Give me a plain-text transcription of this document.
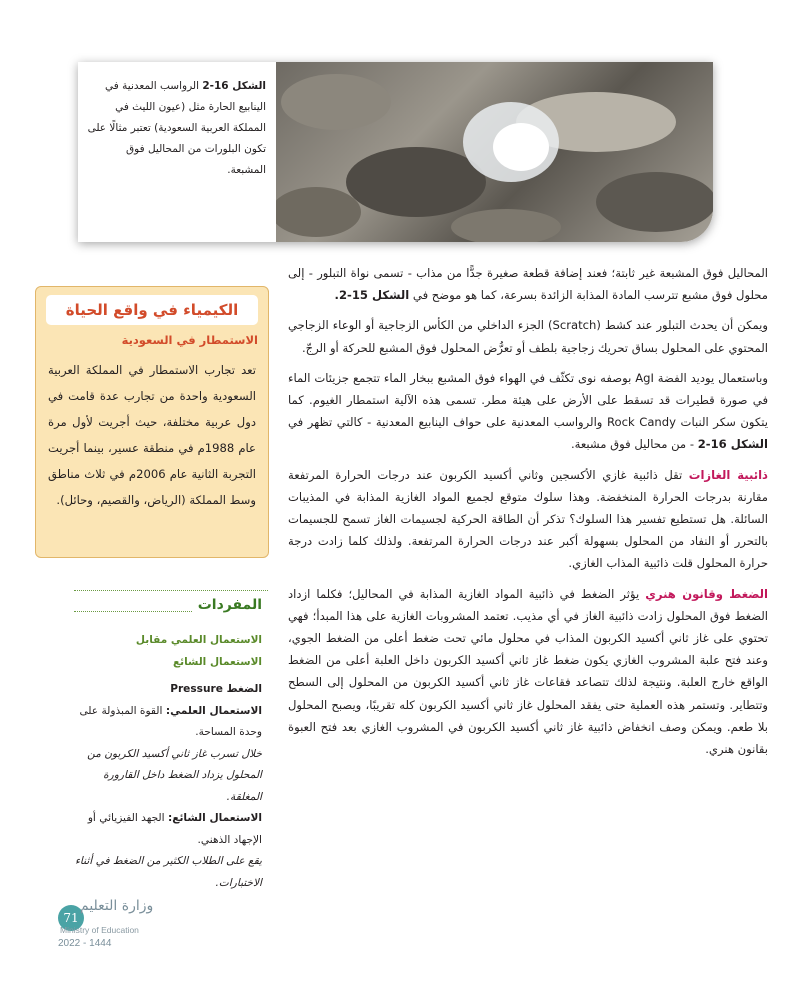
الشكل 16-2 الرواسب المعدنية في الينابيع الحارة مثل (عيون الليث في المملكة العربية السعودية) تعتبر مثالًا على تكون البلورات من المحاليل فوق المشبعة.

المحاليل فوق المشبعة غير ثابتة؛ فعند إضافة قطعة صغيرة جدًّا من مذاب - تسمى نواة التبلور - إلى محلول فوق مشبع تترسب المادة المذابة الزائدة بسرعة، كما هو موضح في الشكل 15-2.

ويمكن أن يحدث التبلور عند كشط (Scratch) الجزء الداخلي من الكأس الزجاجية أو الوعاء الزجاجي المحتوي على المحلول بساق تحريك زجاجية بلطف أو تعرُّض المحلول فوق المشبع للحركة أو الرجّ.

وباستعمال يوديد الفضة AgI بوصفه نوى تكثّف في الهواء فوق المشبع ببخار الماء تتجمع جزيئات الماء في صورة قطيرات قد تسقط على الأرض على هيئة مطر. تسمى هذه الآلية استمطار الغيوم. كما يتكون سكر النبات Rock Candy والرواسب المعدنية على حواف الينابيع المعدنية - كالتي تظهر في الشكل 16-2 - من محاليل فوق مشبعة.

ذائبية الغازات تقل ذائبية غازي الأكسجين وثاني أكسيد الكربون عند درجات الحرارة المرتفعة مقارنة بدرجات الحرارة المنخفضة. وهذا سلوك متوقع لجميع المواد الغازية المذابة في المذيبات السائلة. هل تستطيع تفسير هذا السلوك؟ تذكر أن الطاقة الحركية لجسيمات الغاز تسمح للجسيمات بالتحرر أو النفاد من المحلول بسهولة أكبر عند درجات الحرارة المرتفعة. ولذلك كلما زادت درجة حرارة المحلول قلت ذائبية المذاب الغازي.

الضغط وقانون هنري يؤثر الضغط في ذائبية المواد الغازية المذابة في المحاليل؛ فكلما ازداد الضغط فوق المحلول زادت ذائبية الغاز في أي مذيب. تعتمد المشروبات الغازية على هذا المبدأ؛ فهي تحتوي على غاز ثاني أكسيد الكربون المذاب في محلول مائي تحت ضغط أعلى من الضغط الجوي، وعند فتح علبة المشروب الغازي يكون ضغط غاز ثاني أكسيد الكربون داخل العلبة أعلى من الضغط الواقع خارج العلبة. ونتيجة لذلك تتصاعد فقاعات غاز ثاني أكسيد الكربون من المحلول إلى السطح وتتطاير. وتستمر هذه العملية حتى يفقد المحلول غاز ثاني أكسيد الكربون كله تقريبًا، ويصبح المحلول بلا طعم. ويمكن وصف انخفاض ذائبية غاز ثاني أكسيد الكربون في المشروب الغازي بعد فتح العبوة بقانون هنري.

الكيمياء في واقع الحياة
الاستمطار في السعودية
تعد تجارب الاستمطار في المملكة العربية السعودية واحدة من تجارب عدة قامت في دول عربية مختلفة، حيث أجريت لأول مرة عام 1988م في منطقة عسير، بينما أجريت التجربة الثانية عام 2006م في ثلاث مناطق وسط المملكة (الرياض، والقصيم، وحائل).
المفردات
الاستعمال العلمي مقابل
الاستعمال الشائع
الضغط Pressure
الاستعمال العلمي: القوة المبذولة على وحدة المساحة.
خلال تسرب غاز ثاني أكسيد الكربون من المحلول يزداد الضغط داخل القارورة المغلقة.
الاستعمال الشائع: الجهد الفيزيائي أو الإجهاد الذهني.
يقع على الطلاب الكثير من الضغط في أثناء الاختبارات.
71
وزارة التعليم
Ministry of Education
2022 - 1444
